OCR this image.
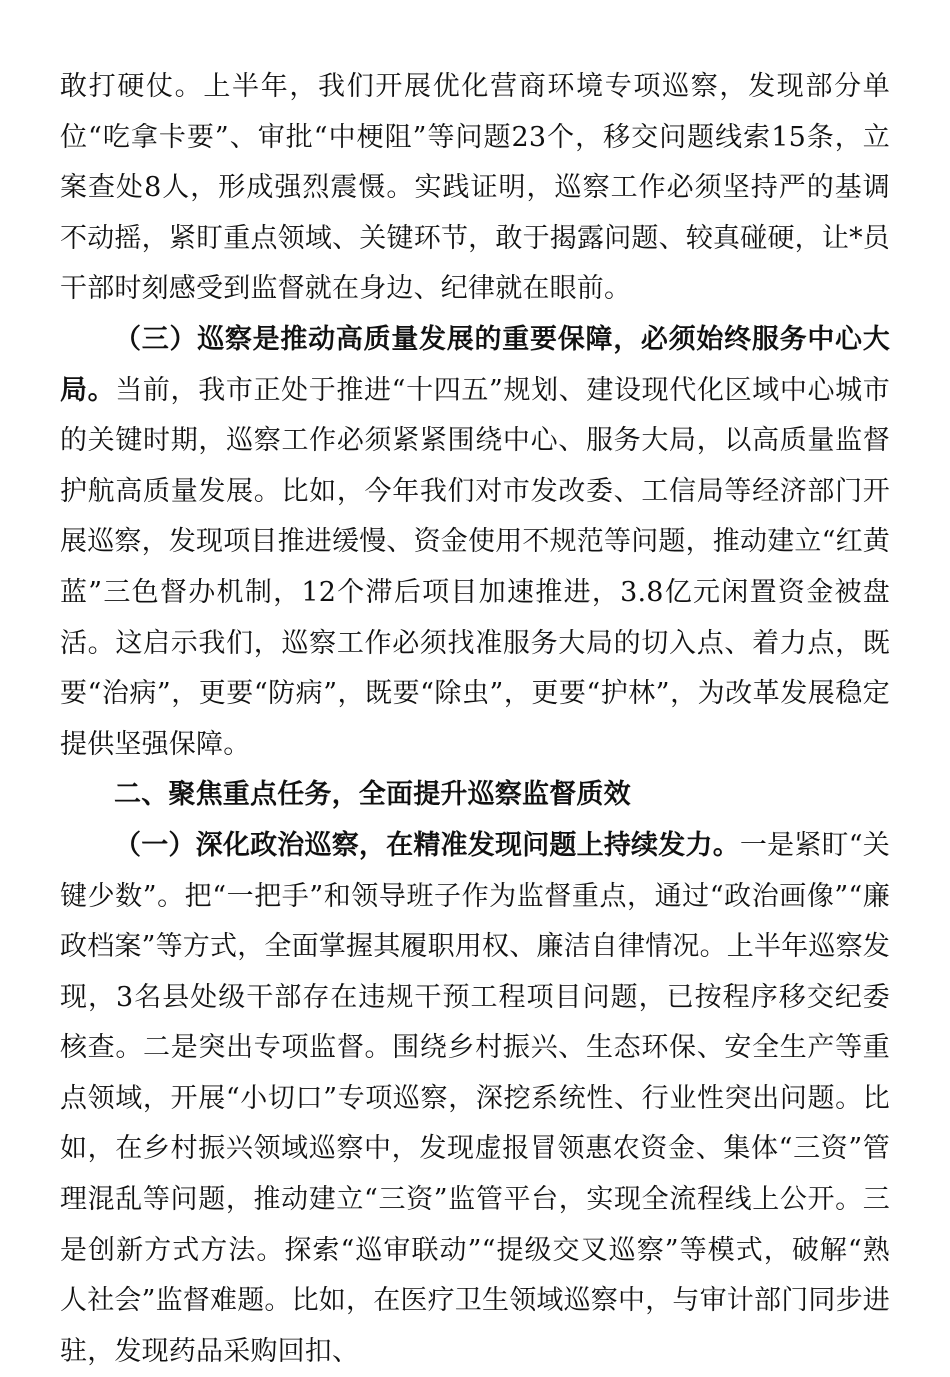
敢打硬仗。上半年，我们开展优化营商环境专项巡察，发现部分单位“吃拿卡要”、审批“中梗阻”等问题23个，移交问题线索15条，立案查处8人，形成强烈震慑。实践证明，巡察工作必须坚持严的基调不动摇，紧盯重点领域、关键环节，敢于揭露问题、较真碰硬，让*员干部时刻感受到监督就在身边、纪律就在眼前。

（三）巡察是推动高质量发展的重要保障，必须始终服务中心大局。当前，我市正处于推进“十四五”规划、建设现代化区域中心城市的关键时期，巡察工作必须紧紧围绕中心、服务大局，以高质量监督护航高质量发展。比如，今年我们对市发改委、工信局等经济部门开展巡察，发现项目推进缓慢、资金使用不规范等问题，推动建立“红黄蓝”三色督办机制，12个滞后项目加速推进，3.8亿元闲置资金被盘活。这启示我们，巡察工作必须找准服务大局的切入点、着力点，既要“治病”，更要“防病”，既要“除虫”，更要“护林”，为改革发展稳定提供坚强保障。

二、聚焦重点任务，全面提升巡察监督质效

（一）深化政治巡察，在精准发现问题上持续发力。一是紧盯“关键少数”。把“一把手”和领导班子作为监督重点，通过“政治画像”“廉政档案”等方式，全面掌握其履职用权、廉洁自律情况。上半年巡察发现，3名县处级干部存在违规干预工程项目问题，已按程序移交纪委核查。二是突出专项监督。围绕乡村振兴、生态环保、安全生产等重点领域，开展“小切口”专项巡察，深挖系统性、行业性突出问题。比如，在乡村振兴领域巡察中，发现虚报冒领惠农资金、集体“三资”管理混乱等问题，推动建立“三资”监管平台，实现全流程线上公开。三是创新方式方法。探索“巡审联动”“提级交叉巡察”等模式，破解“熟人社会”监督难题。比如，在医疗卫生领域巡察中，与审计部门同步进驻，发现药品采购回扣、
